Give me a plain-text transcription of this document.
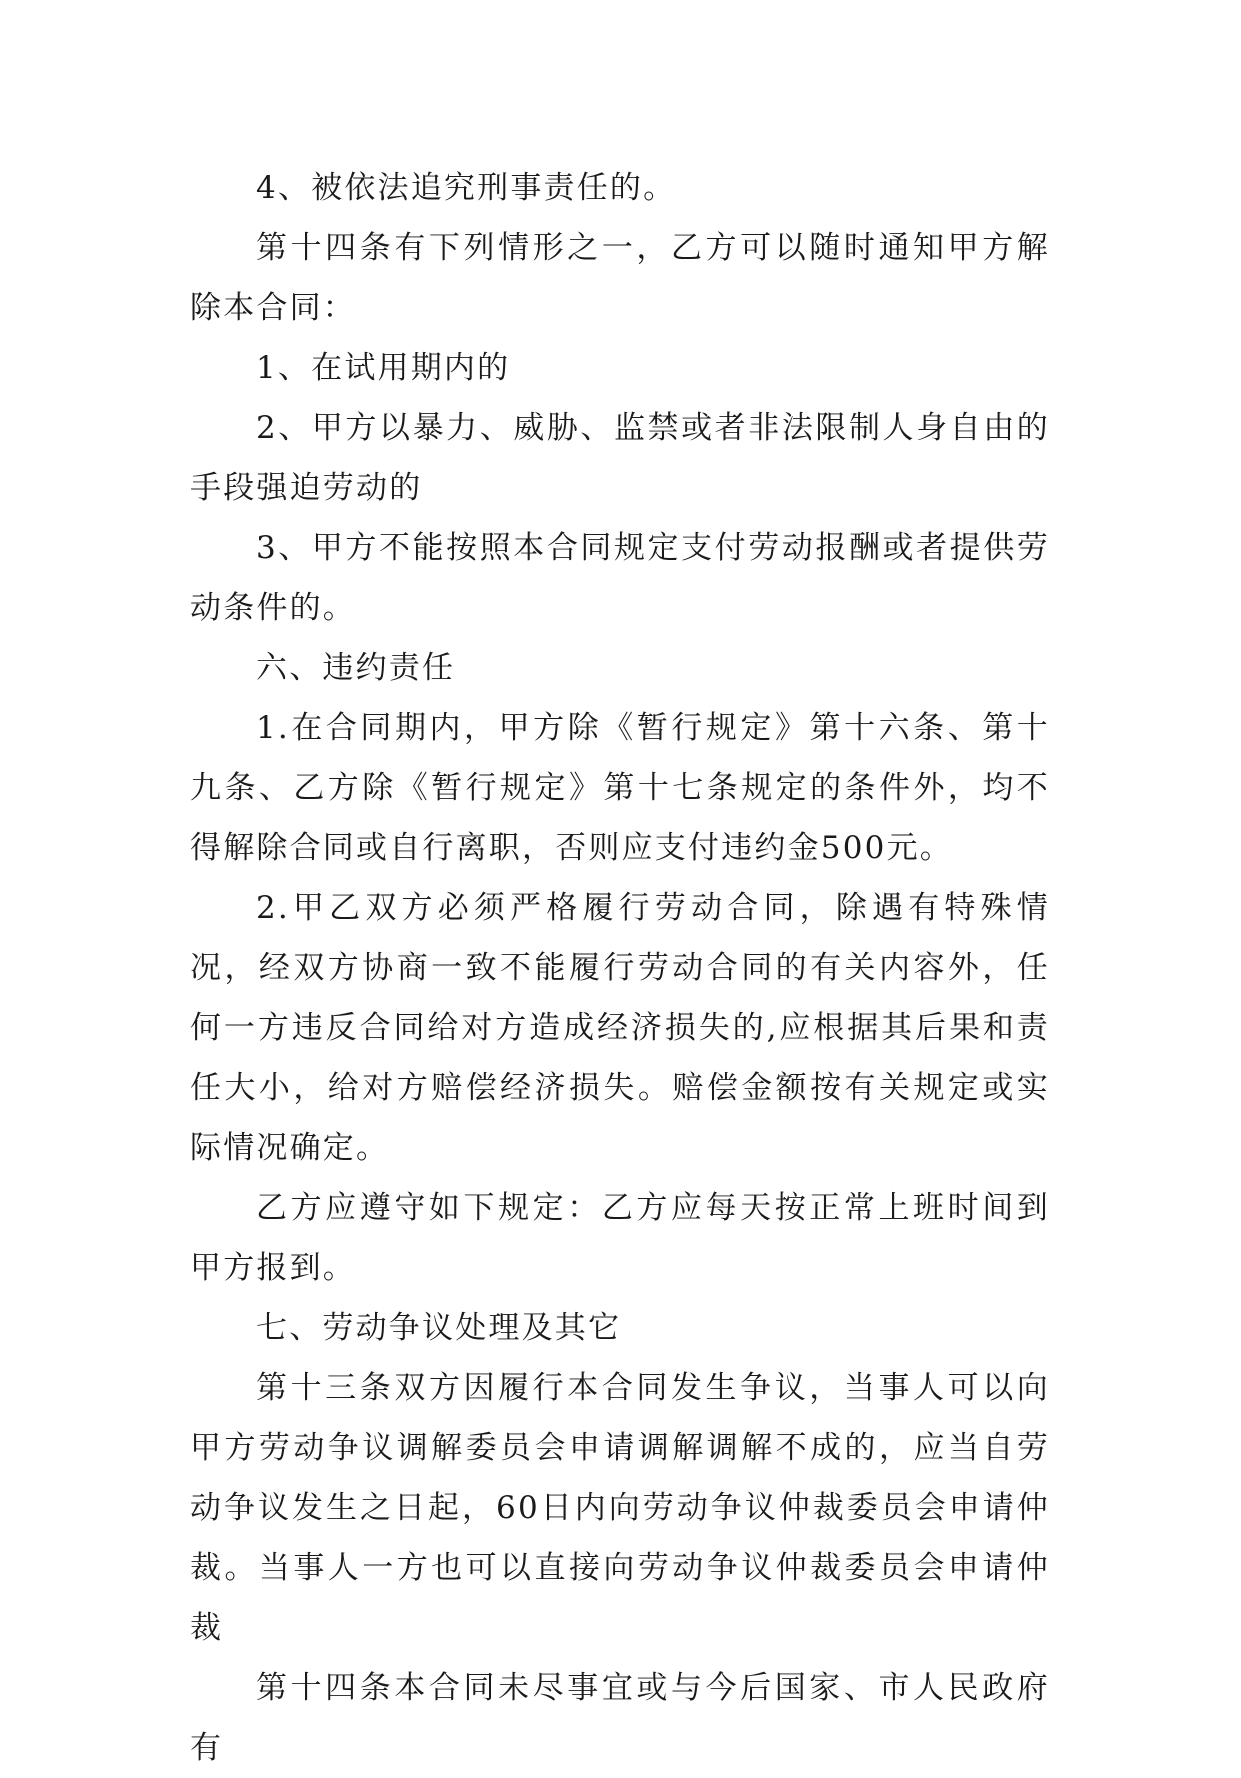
4、被依法追究刑事责任的。

第十四条有下列情形之一，乙方可以随时通知甲方解除本合同：

1、在试用期内的

2、甲方以暴力、威胁、监禁或者非法限制人身自由的手段强迫劳动的

3、甲方不能按照本合同规定支付劳动报酬或者提供劳动条件的。

六、违约责任

1.在合同期内，甲方除《暂行规定》第十六条、第十九条、乙方除《暂行规定》第十七条规定的条件外，均不得解除合同或自行离职，否则应支付违约金500元。

2.甲乙双方必须严格履行劳动合同，除遇有特殊情况，经双方协商一致不能履行劳动合同的有关内容外，任何一方违反合同给对方造成经济损失的,应根据其后果和责任大小，给对方赔偿经济损失。赔偿金额按有关规定或实际情况确定。

乙方应遵守如下规定：乙方应每天按正常上班时间到甲方报到。

七、劳动争议处理及其它

第十三条双方因履行本合同发生争议，当事人可以向甲方劳动争议调解委员会申请调解调解不成的，应当自劳动争议发生之日起，60日内向劳动争议仲裁委员会申请仲裁。当事人一方也可以直接向劳动争议仲裁委员会申请仲裁

第十四条本合同未尽事宜或与今后国家、市人民政府有
